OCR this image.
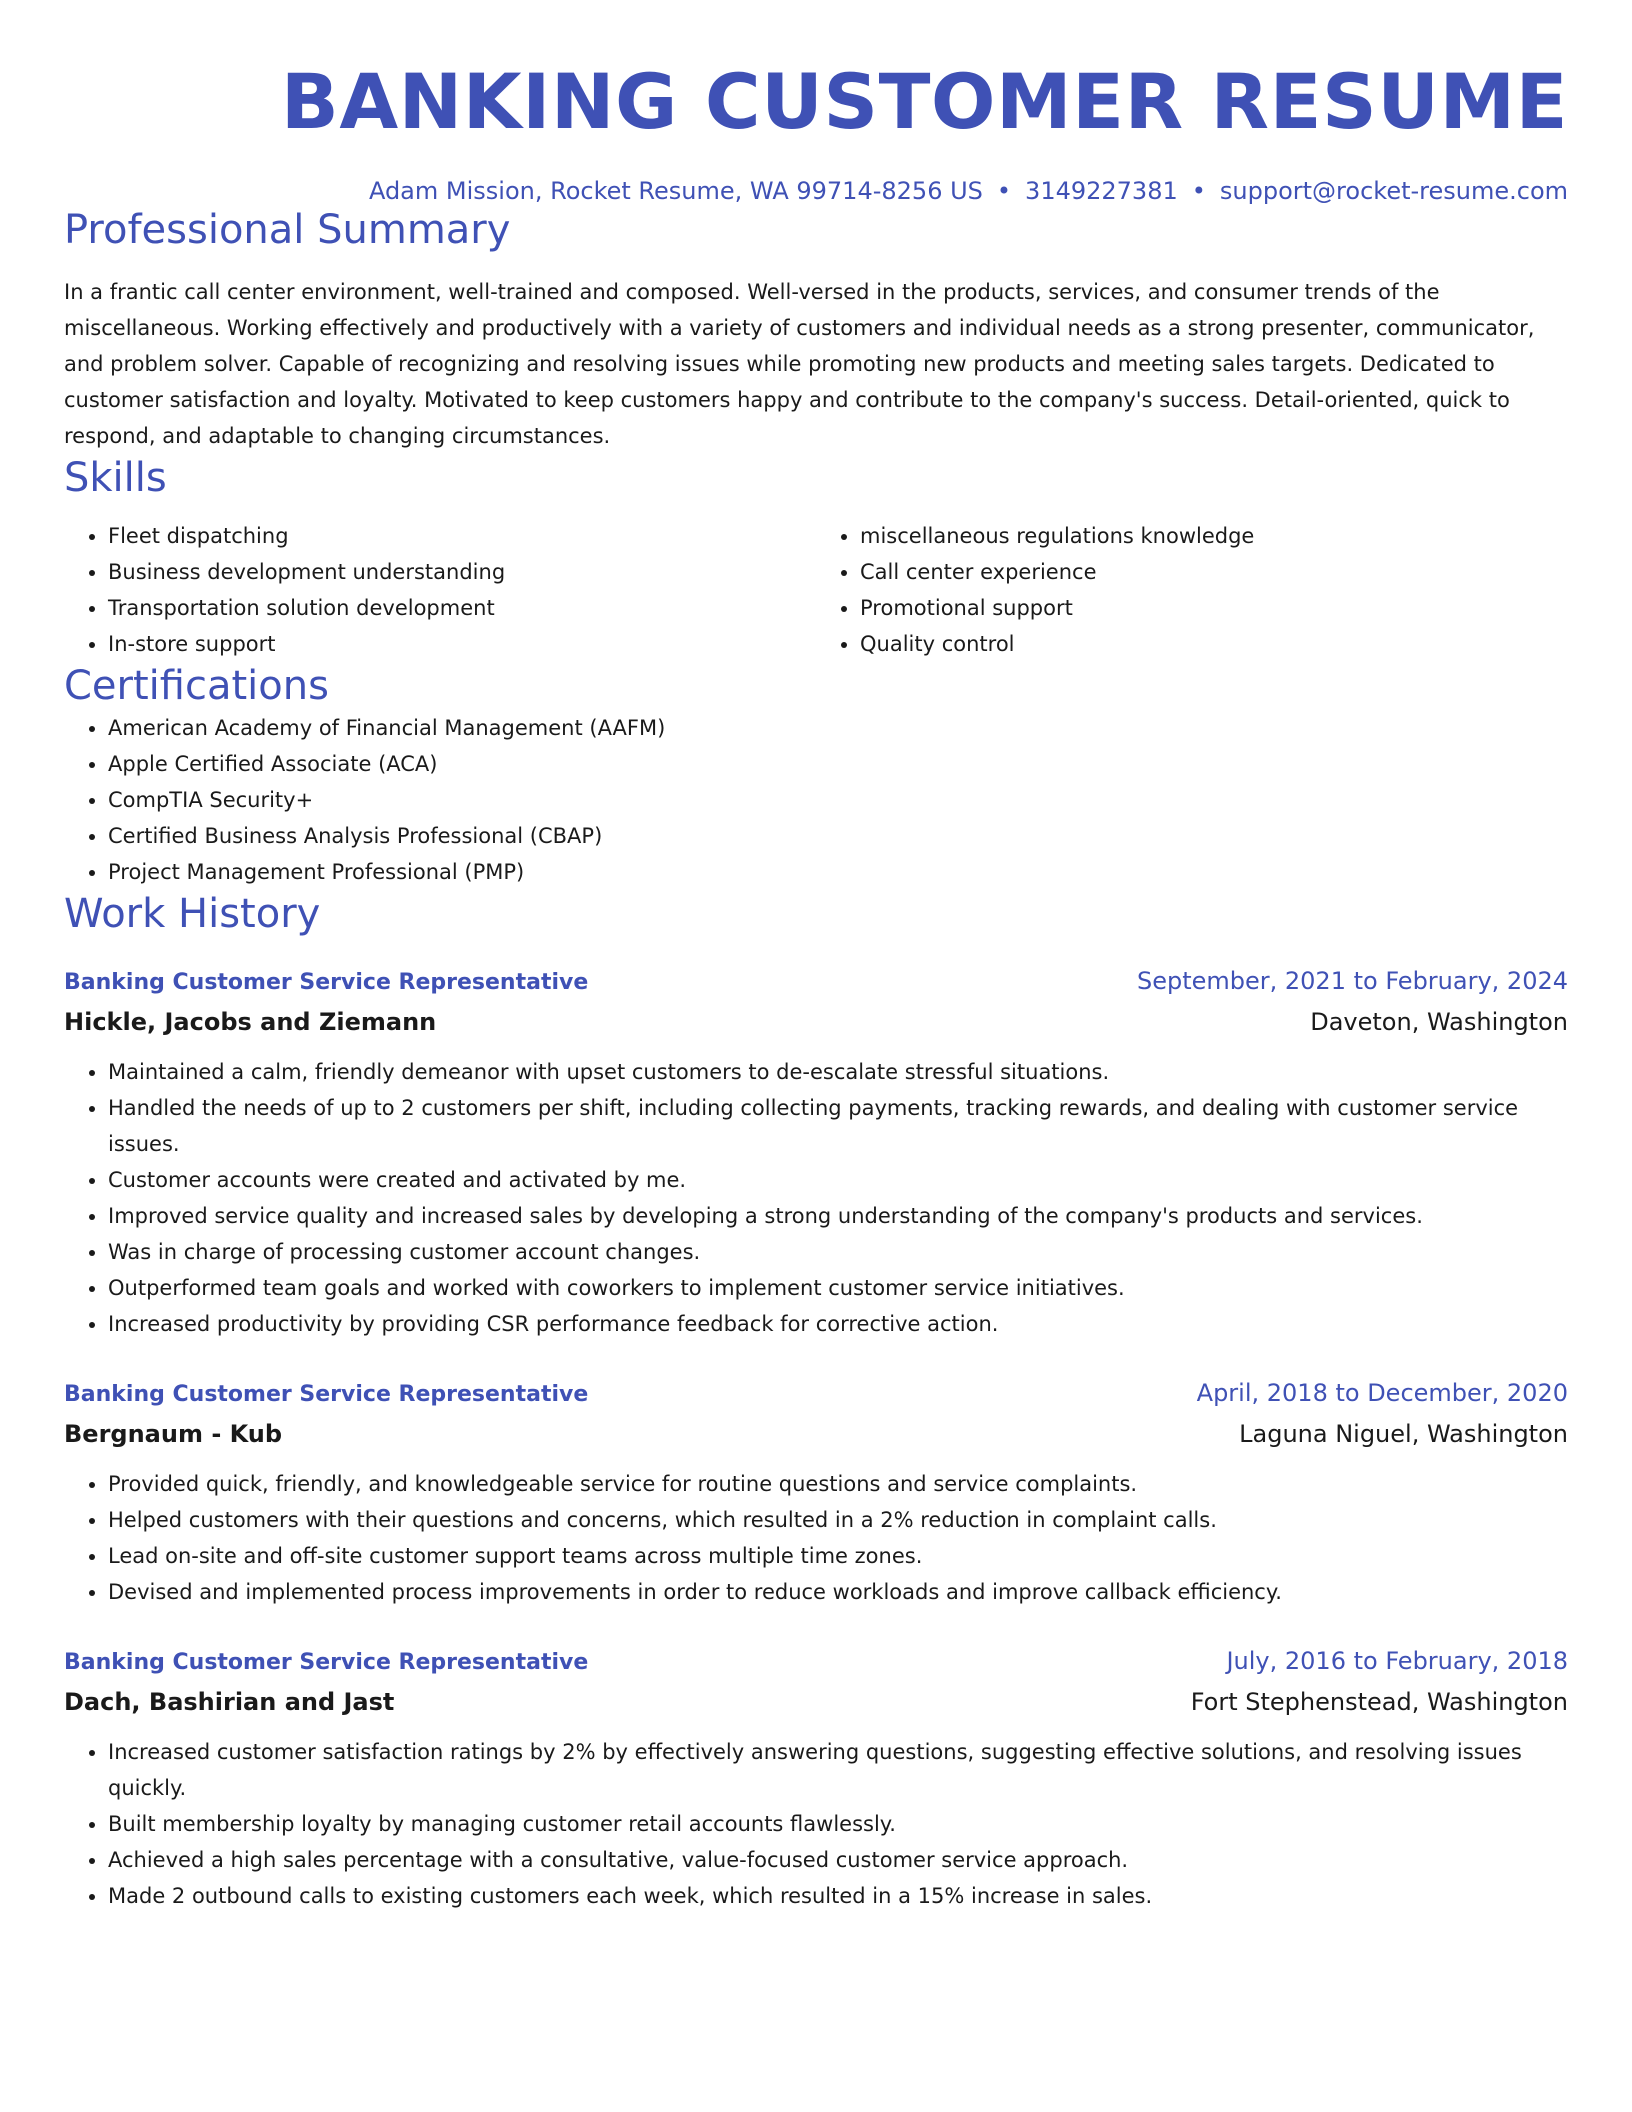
BANKING CUSTOMER RESUME
Adam Mission, Rocket Resume, WA 99714-8256 US • 3149227381 • support@rocket-resume.com
Professional Summary

In a frantic call center environment, well-trained and composed. Well-versed in the products, services, and consumer trends of the miscellaneous. Working effectively and productively with a variety of customers and individual needs as a strong presenter, communicator, and problem solver. Capable of recognizing and resolving issues while promoting new products and meeting sales targets. Dedicated to customer satisfaction and loyalty. Motivated to keep customers happy and contribute to the company's success. Detail-oriented, quick to respond, and adaptable to changing circumstances.

Skills
• Fleet dispatching
• Business development understanding
• Transportation solution development
• In-store support
• miscellaneous regulations knowledge
• Call center experience
• Promotional support
• Quality control
Certifications
• American Academy of Financial Management (AAFM)
• Apple Certified Associate (ACA)
• CompTIA Security+
• Certified Business Analysis Professional (CBAP)
• Project Management Professional (PMP)
Work History
Banking Customer Service Representative	September, 2021 to February, 2024
Hickle, Jacobs and Ziemann	Daveton, Washington
• Maintained a calm, friendly demeanor with upset customers to de-escalate stressful situations.
• Handled the needs of up to 2 customers per shift, including collecting payments, tracking rewards, and dealing with customer service issues.
• Customer accounts were created and activated by me.
• Improved service quality and increased sales by developing a strong understanding of the company's products and services.
• Was in charge of processing customer account changes.
• Outperformed team goals and worked with coworkers to implement customer service initiatives.
• Increased productivity by providing CSR performance feedback for corrective action.
Banking Customer Service Representative	April, 2018 to December, 2020
Bergnaum - Kub	Laguna Niguel, Washington
• Provided quick, friendly, and knowledgeable service for routine questions and service complaints.
• Helped customers with their questions and concerns, which resulted in a 2% reduction in complaint calls.
• Lead on-site and off-site customer support teams across multiple time zones.
• Devised and implemented process improvements in order to reduce workloads and improve callback efficiency.
Banking Customer Service Representative	July, 2016 to February, 2018
Dach, Bashirian and Jast	Fort Stephenstead, Washington
• Increased customer satisfaction ratings by 2% by effectively answering questions, suggesting effective solutions, and resolving issues quickly.
• Built membership loyalty by managing customer retail accounts flawlessly.
• Achieved a high sales percentage with a consultative, value-focused customer service approach.
• Made 2 outbound calls to existing customers each week, which resulted in a 15% increase in sales.
